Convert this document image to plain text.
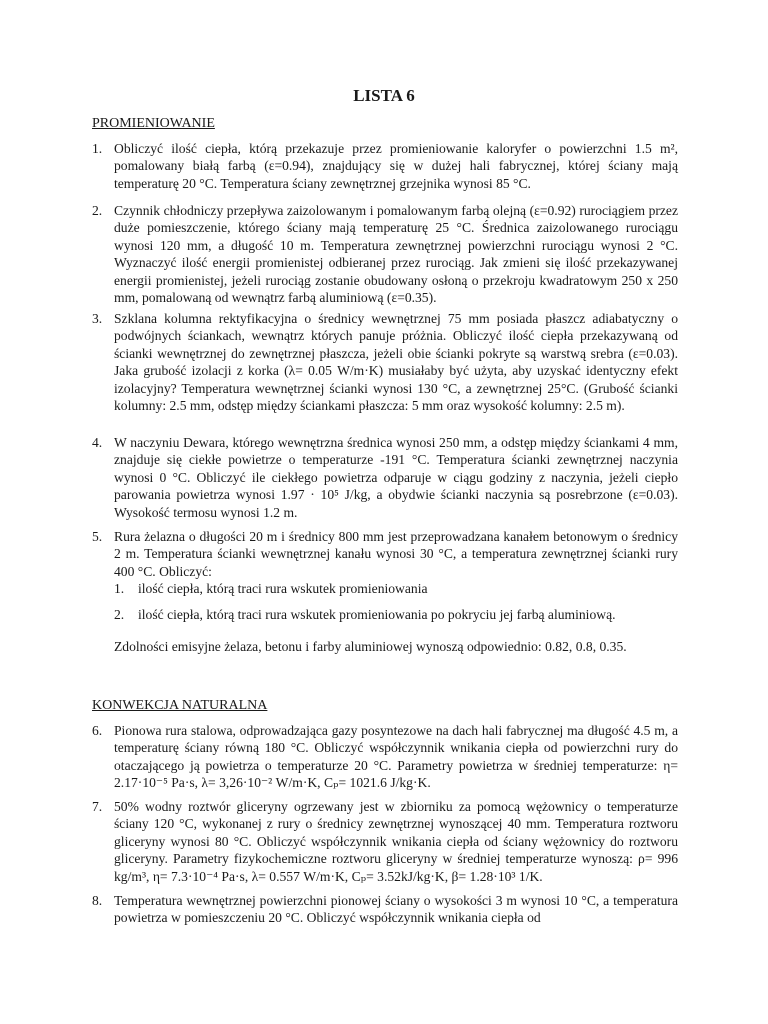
LISTA 6
PROMIENIOWANIE
1. Obliczyć ilość ciepła, którą przekazuje przez promieniowanie kaloryfer o powierzchni 1.5 m², pomalowany białą farbą (ε=0.94), znajdujący się w dużej hali fabrycznej, której ściany mają temperaturę 20 °C. Temperatura ściany zewnętrznej grzejnika wynosi 85 °C.
2. Czynnik chłodniczy przepływa zaizolowanym i pomalowanym farbą olejną (ε=0.92) rurociągiem przez duże pomieszczenie, którego ściany mają temperaturę 25 °C. Średnica zaizolowanego rurociągu wynosi 120 mm, a długość 10 m. Temperatura zewnętrznej powierzchni rurociągu wynosi 2 °C. Wyznaczyć ilość energii promienistej odbieranej przez rurociąg. Jak zmieni się ilość przekazywanej energii promienistej, jeżeli rurociąg zostanie obudowany osłoną o przekroju kwadratowym 250 x 250 mm, pomalowaną od wewnątrz farbą aluminiową (ε=0.35).
3. Szklana kolumna rektyfikacyjna o średnicy wewnętrznej 75 mm posiada płaszcz adiabatyczny o podwójnych ściankach, wewnątrz których panuje próżnia. Obliczyć ilość ciepła przekazywaną od ścianki wewnętrznej do zewnętrznej płaszcza, jeżeli obie ścianki pokryte są warstwą srebra (ε=0.03). Jaka grubość izolacji z korka (λ= 0.05 W/m·K) musiałaby być użyta, aby uzyskać identyczny efekt izolacyjny? Temperatura wewnętrznej ścianki wynosi 130 °C, a zewnętrznej 25°C. (Grubość ścianki kolumny: 2.5 mm, odstęp między ściankami płaszcza: 5 mm oraz wysokość kolumny: 2.5 m).
4. W naczyniu Dewara, którego wewnętrzna średnica wynosi 250 mm, a odstęp między ściankami 4 mm, znajduje się ciekłe powietrze o temperaturze -191 °C. Temperatura ścianki zewnętrznej naczynia wynosi 0 °C. Obliczyć ile ciekłego powietrza odparuje w ciągu godziny z naczynia, jeżeli ciepło parowania powietrza wynosi 1.97 · 10⁵ J/kg, a obydwie ścianki naczynia są posrebrzone (ε=0.03). Wysokość termosu wynosi 1.2 m.
5. Rura żelazna o długości 20 m i średnicy 800 mm jest przeprowadzana kanałem betonowym o średnicy 2 m. Temperatura ścianki wewnętrznej kanału wynosi 30 °C, a temperatura zewnętrznej ścianki rury 400 °C. Obliczyć:
1. ilość ciepła, którą traci rura wskutek promieniowania
2. ilość ciepła, którą traci rura wskutek promieniowania po pokryciu jej farbą aluminiową.
Zdolności emisyjne żelaza, betonu i farby aluminiowej wynoszą odpowiednio: 0.82, 0.8, 0.35.
KONWEKCJA NATURALNA
6. Pionowa rura stalowa, odprowadzająca gazy posyntezowe na dach hali fabrycznej ma długość 4.5 m, a temperaturę ściany równą 180 °C. Obliczyć współczynnik wnikania ciepła od powierzchni rury do otaczającego ją powietrza o temperaturze 20 °C. Parametry powietrza w średniej temperaturze: η= 2.17·10⁻⁵ Pa·s, λ= 3,26·10⁻² W/m·K, Cₚ= 1021.6 J/kg·K.
7. 50% wodny roztwór gliceryny ogrzewany jest w zbiorniku za pomocą wężownicy o temperaturze ściany 120 °C, wykonanej z rury o średnicy zewnętrznej wynoszącej 40 mm. Temperatura roztworu gliceryny wynosi 80 °C. Obliczyć współczynnik wnikania ciepła od ściany wężownicy do roztworu gliceryny. Parametry fizykochemiczne roztworu gliceryny w średniej temperaturze wynoszą: ρ= 996 kg/m³, η= 7.3·10⁻⁴ Pa·s, λ= 0.557 W/m·K, Cₚ= 3.52kJ/kg·K, β= 1.28·10³ 1/K.
8. Temperatura wewnętrznej powierzchni pionowej ściany o wysokości 3 m wynosi 10 °C, a temperatura powietrza w pomieszczeniu 20 °C. Obliczyć współczynnik wnikania ciepła od
